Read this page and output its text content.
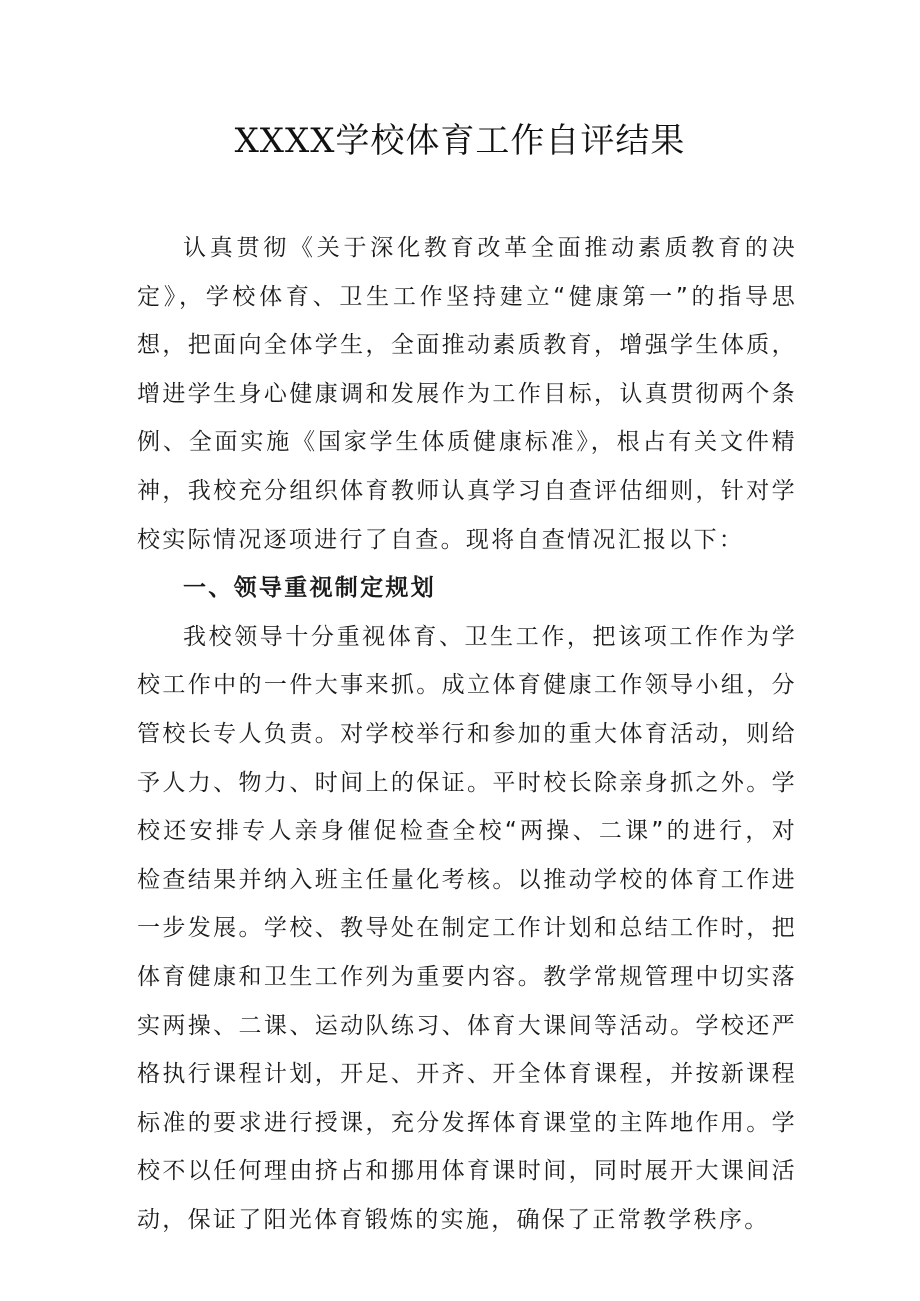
XXXX学校体育工作自评结果

认真贯彻《关于深化教育改革全面推动素质教育的决定》，学校体育、卫生工作坚持建立“健康第一”的指导思想，把面向全体学生，全面推动素质教育，增强学生体质，增进学生身心健康调和发展作为工作目标，认真贯彻两个条例、全面实施《国家学生体质健康标准》，根占有关文件精神，我校充分组织体育教师认真学习自查评估细则，针对学校实际情况逐项进行了自查。现将自查情况汇报以下：

一、领导重视制定规划

我校领导十分重视体育、卫生工作，把该项工作作为学校工作中的一件大事来抓。成立体育健康工作领导小组，分管校长专人负责。对学校举行和参加的重大体育活动，则给予人力、物力、时间上的保证。平时校长除亲身抓之外。学校还安排专人亲身催促检查全校“两操、二课”的进行，对检查结果并纳入班主任量化考核。以推动学校的体育工作进一步发展。学校、教导处在制定工作计划和总结工作时，把体育健康和卫生工作列为重要内容。教学常规管理中切实落实两操、二课、运动队练习、体育大课间等活动。学校还严格执行课程计划，开足、开齐、开全体育课程，并按新课程标准的要求进行授课，充分发挥体育课堂的主阵地作用。学校不以任何理由挤占和挪用体育课时间，同时展开大课间活动，保证了阳光体育锻炼的实施，确保了正常教学秩序。
